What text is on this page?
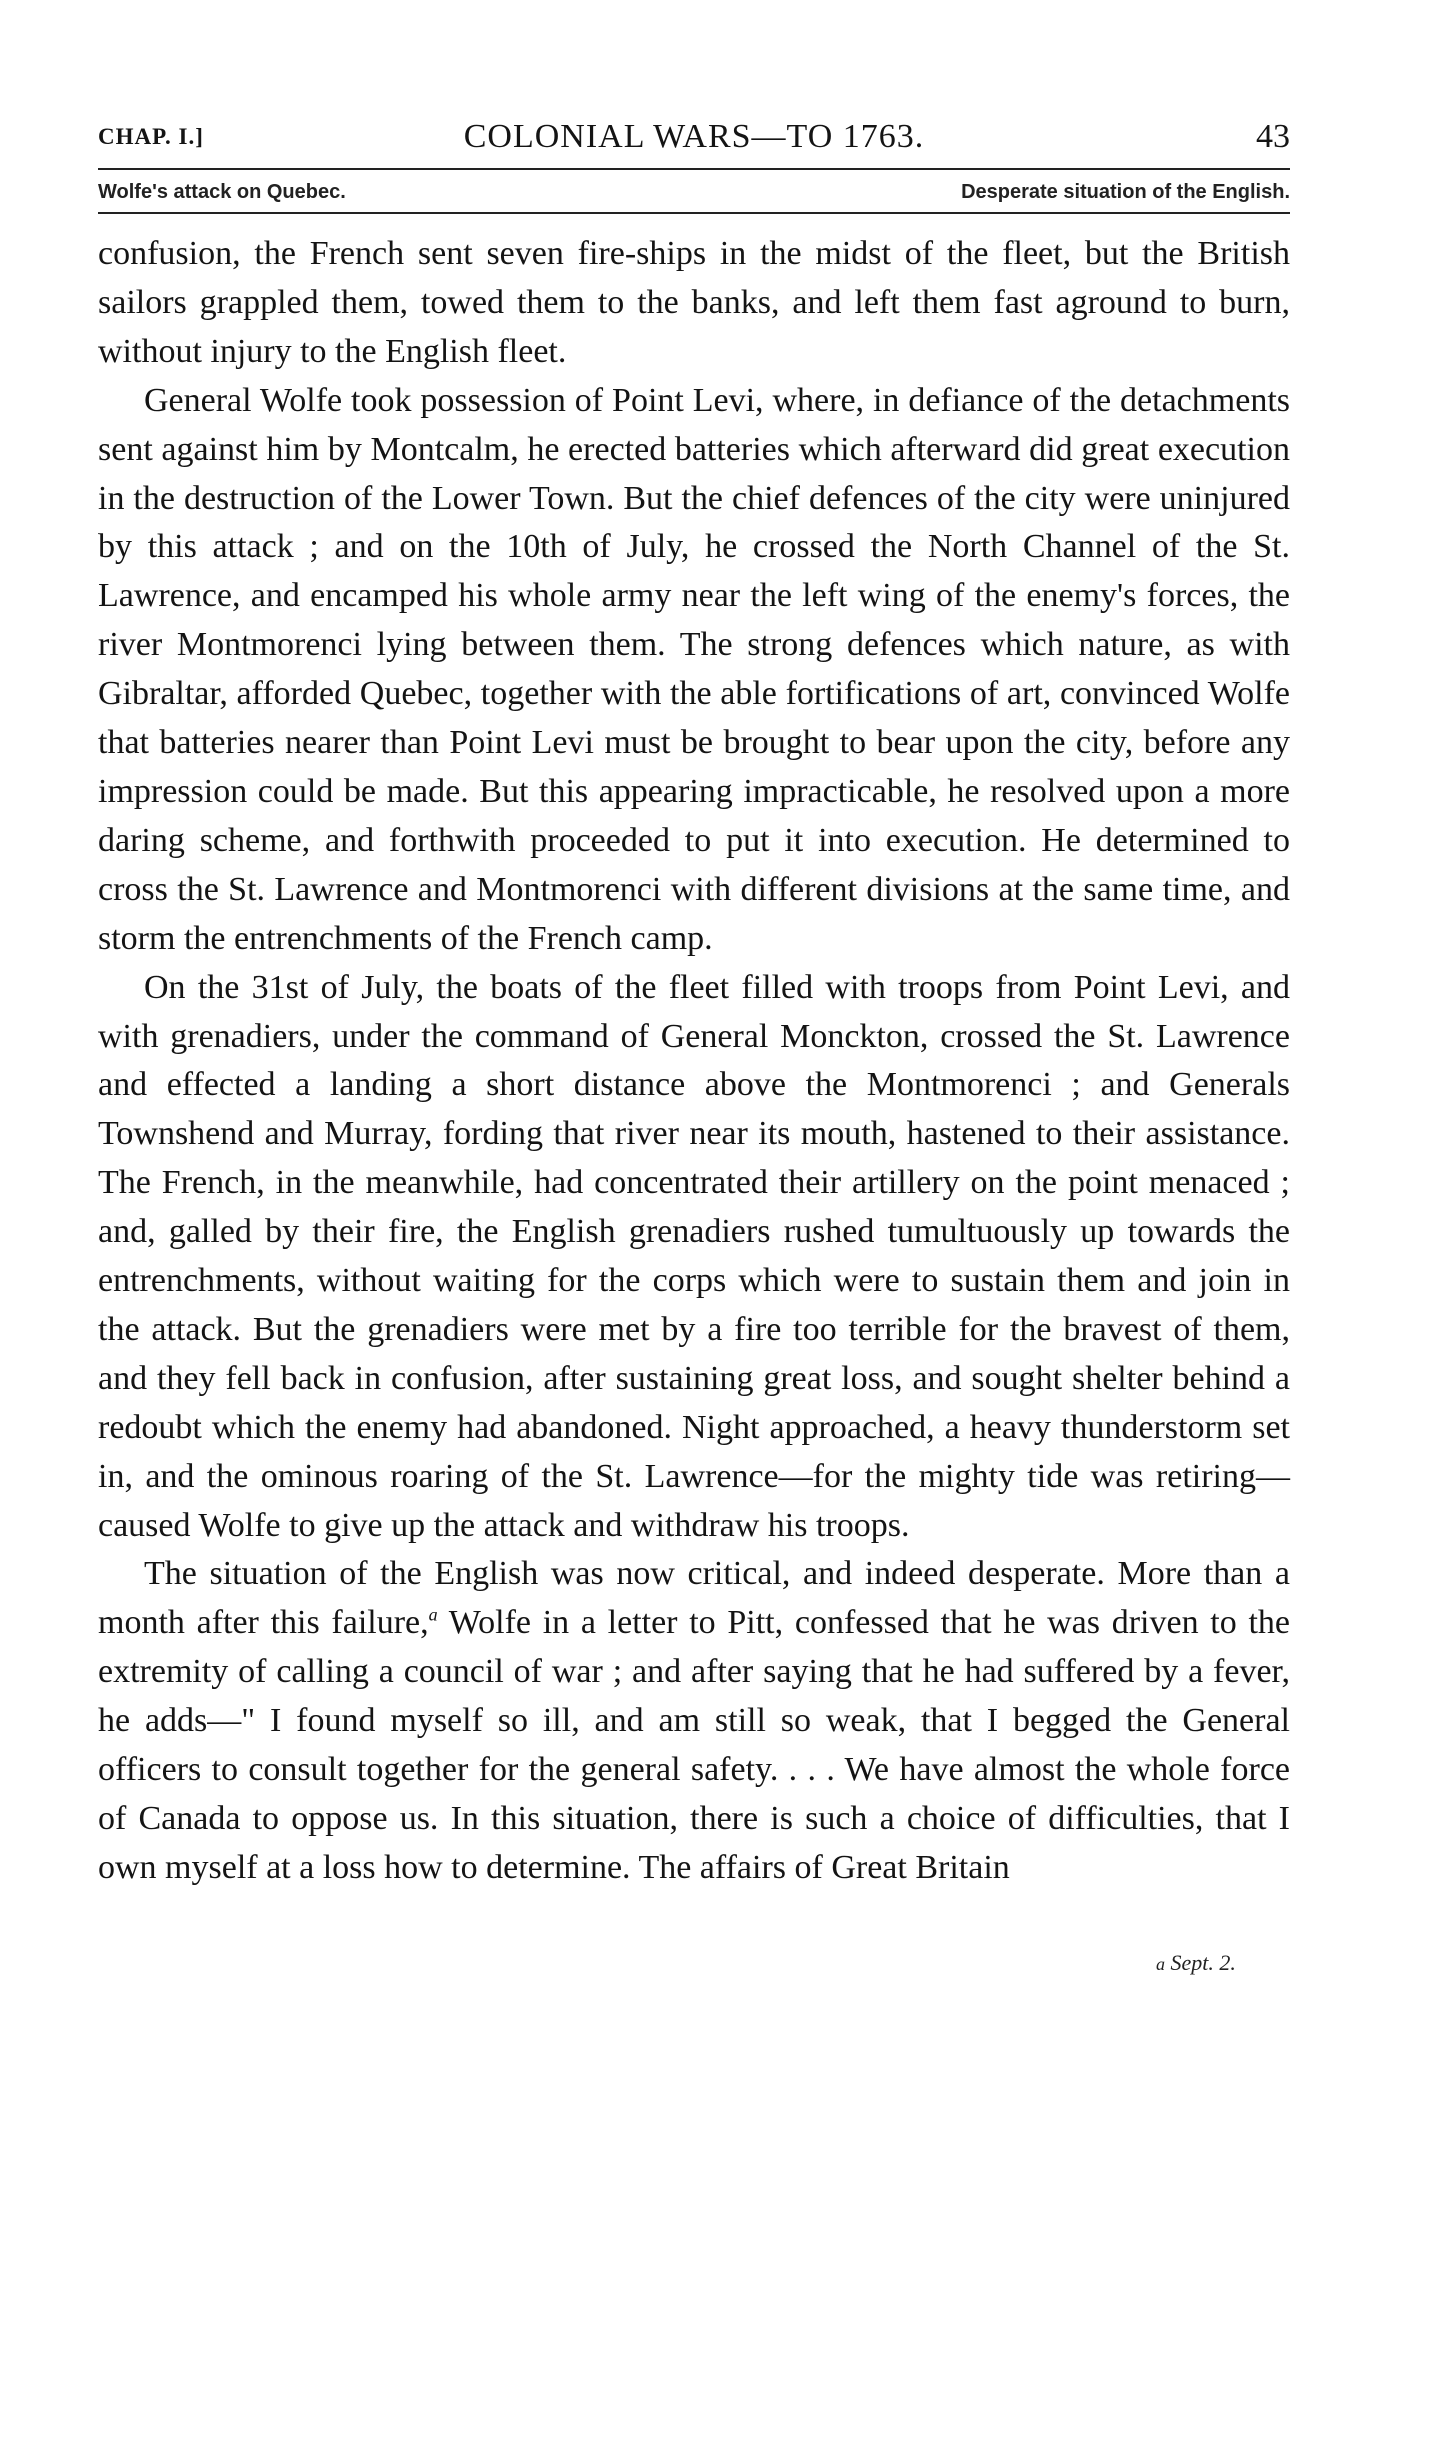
CHAP. I.]	COLONIAL WARS—TO 1763.	43
Wolfe's attack on Quebec.	Desperate situation of the English.

confusion, the French sent seven fire-ships in the midst of the fleet, but the British sailors grappled them, towed them to the banks, and left them fast aground to burn, without injury to the English fleet.

General Wolfe took possession of Point Levi, where, in defiance of the detachments sent against him by Montcalm, he erected batteries which afterward did great execution in the destruction of the Lower Town. But the chief defences of the city were uninjured by this attack ; and on the 10th of July, he crossed the North Channel of the St. Lawrence, and encamped his whole army near the left wing of the enemy's forces, the river Montmorenci lying between them. The strong defences which nature, as with Gibraltar, afforded Quebec, together with the able fortifications of art, convinced Wolfe that batteries nearer than Point Levi must be brought to bear upon the city, before any impression could be made. But this appearing impracticable, he resolved upon a more daring scheme, and forthwith proceeded to put it into execution. He determined to cross the St. Lawrence and Montmorenci with different divisions at the same time, and storm the entrenchments of the French camp.

On the 31st of July, the boats of the fleet filled with troops from Point Levi, and with grenadiers, under the command of General Monckton, crossed the St. Lawrence and effected a landing a short distance above the Montmorenci ; and Generals Townshend and Murray, fording that river near its mouth, hastened to their assistance. The French, in the meanwhile, had concentrated their artillery on the point menaced ; and, galled by their fire, the English grenadiers rushed tumultuously up towards the entrenchments, without waiting for the corps which were to sustain them and join in the attack. But the grenadiers were met by a fire too terrible for the bravest of them, and they fell back in confusion, after sustaining great loss, and sought shelter behind a redoubt which the enemy had abandoned. Night approached, a heavy thunderstorm set in, and the ominous roaring of the St. Lawrence—for the mighty tide was retiring—caused Wolfe to give up the attack and withdraw his troops.

The situation of the English was now critical, and indeed desperate. More than a month after this failure,$^a$ Wolfe in a letter to Pitt, confessed that he was driven to the extremity of calling a council of war ; and after saying that he had suffered by a fever, he adds—" I found myself so ill, and am still so weak, that I begged the General officers to consult together for the general safety. . . . We have almost the whole force of Canada to oppose us. In this situation, there is such a choice of difficulties, that I own myself at a loss how to determine. The affairs of Great Britain

a Sept. 2.
